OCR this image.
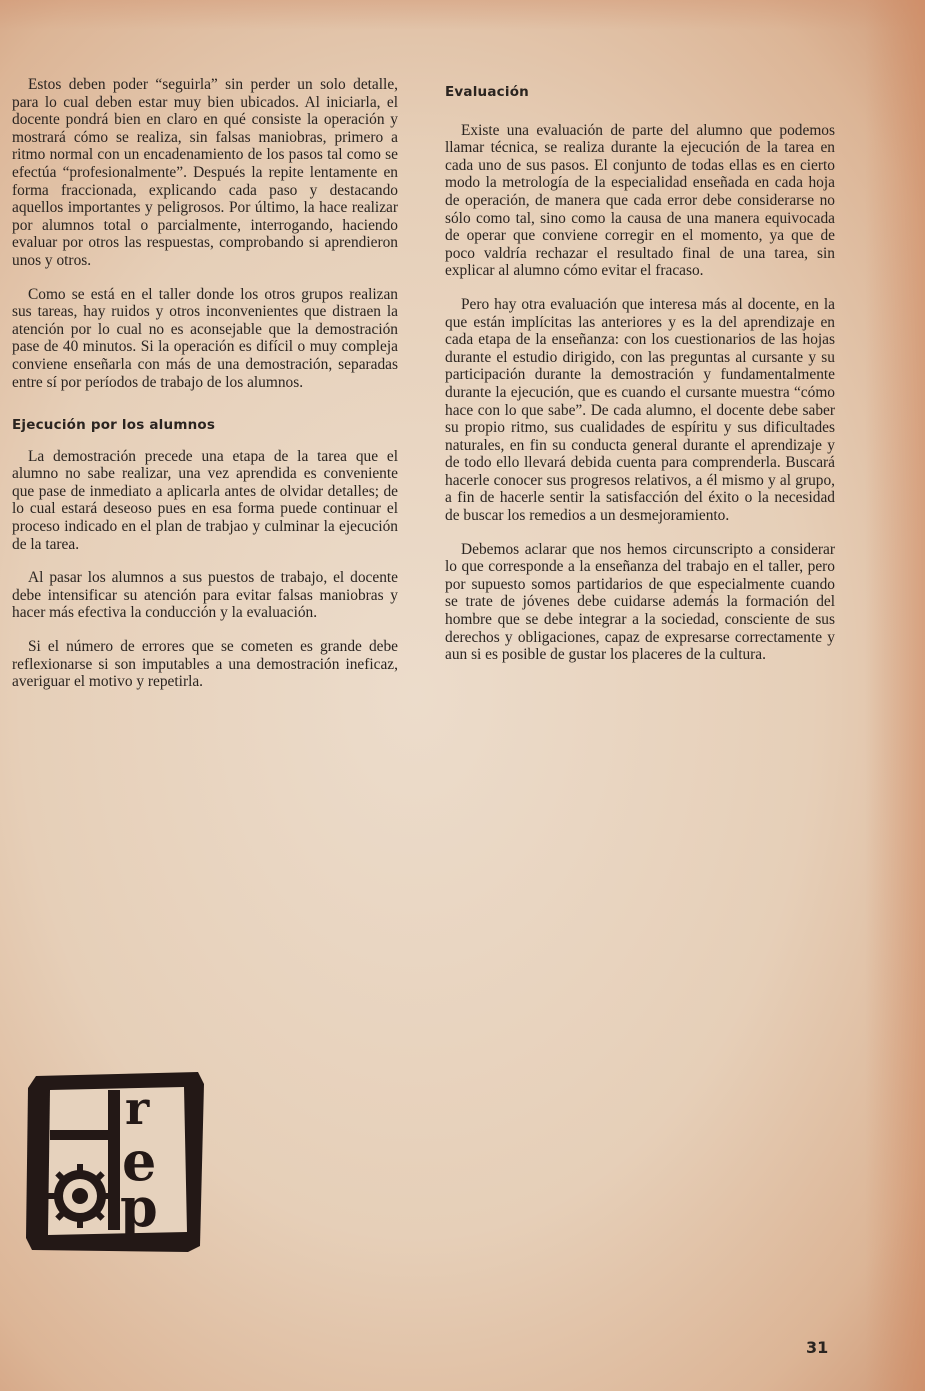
Estos deben poder “seguirla” sin perder un solo detalle, para lo cual deben estar muy bien ubicados. Al iniciarla, el docente pondrá bien en claro en qué consiste la operación y mostrará cómo se realiza, sin falsas maniobras, primero a ritmo normal con un encadenamiento de los pasos tal como se efectúa “profesionalmente”. Después la repite lentamente en forma fraccionada, explicando cada paso y destacando aquellos importantes y peligrosos. Por último, la hace realizar por alumnos total o parcialmente, interrogando, haciendo evaluar por otros las respuestas, comprobando si aprendieron unos y otros.

Como se está en el taller donde los otros grupos realizan sus tareas, hay ruidos y otros inconvenientes que distraen la atención por lo cual no es aconsejable que la demostración pase de 40 minutos. Si la operación es difícil o muy compleja conviene enseñarla con más de una demostración, separadas entre sí por períodos de trabajo de los alumnos.

Ejecución por los alumnos

La demostración precede una etapa de la tarea que el alumno no sabe realizar, una vez aprendida es conveniente que pase de inmediato a aplicarla antes de olvidar detalles; de lo cual estará deseoso pues en esa forma puede continuar el proceso indicado en el plan de trabjao y culminar la ejecución de la tarea.

Al pasar los alumnos a sus puestos de trabajo, el docente debe intensificar su atención para evitar falsas maniobras y hacer más efectiva la conducción y la evaluación.

Si el número de errores que se cometen es grande debe reflexionarse si son imputables a una demostración ineficaz, averiguar el motivo y repetirla.

Evaluación

Existe una evaluación de parte del alumno que podemos llamar técnica, se realiza durante la ejecución de la tarea en cada uno de sus pasos. El conjunto de todas ellas es en cierto modo la metrología de la especialidad enseñada en cada hoja de operación, de manera que cada error debe considerarse no sólo como tal, sino como la causa de una manera equivocada de operar que conviene corregir en el momento, ya que de poco valdría rechazar el resultado final de una tarea, sin explicar al alumno cómo evitar el fracaso.

Pero hay otra evaluación que interesa más al docente, en la que están implícitas las anteriores y es la del aprendizaje en cada etapa de la enseñanza: con los cuestionarios de las hojas durante el estudio dirigido, con las preguntas al cursante y su participación durante la demostración y fundamentalmente durante la ejecución, que es cuando el cursante muestra “cómo hace con lo que sabe”. De cada alumno, el docente debe saber su propio ritmo, sus cualidades de espíritu y sus dificultades naturales, en fin su conducta general durante el aprendizaje y de todo ello llevará debida cuenta para comprenderla. Buscará hacerle conocer sus progresos relativos, a él mismo y al grupo, a fin de hacerle sentir la satisfacción del éxito o la necesidad de buscar los remedios a un desmejoramiento.

Debemos aclarar que nos hemos circunscripto a considerar lo que corresponde a la enseñanza del trabajo en el taller, pero por supuesto somos partidarios de que especialmente cuando se trate de jóvenes debe cuidarse además la formación del hombre que se debe integrar a la sociedad, consciente de sus derechos y obligaciones, capaz de expresarse correctamente y aun si es posible de gustar los placeres de la cultura.

r
e
p
31
